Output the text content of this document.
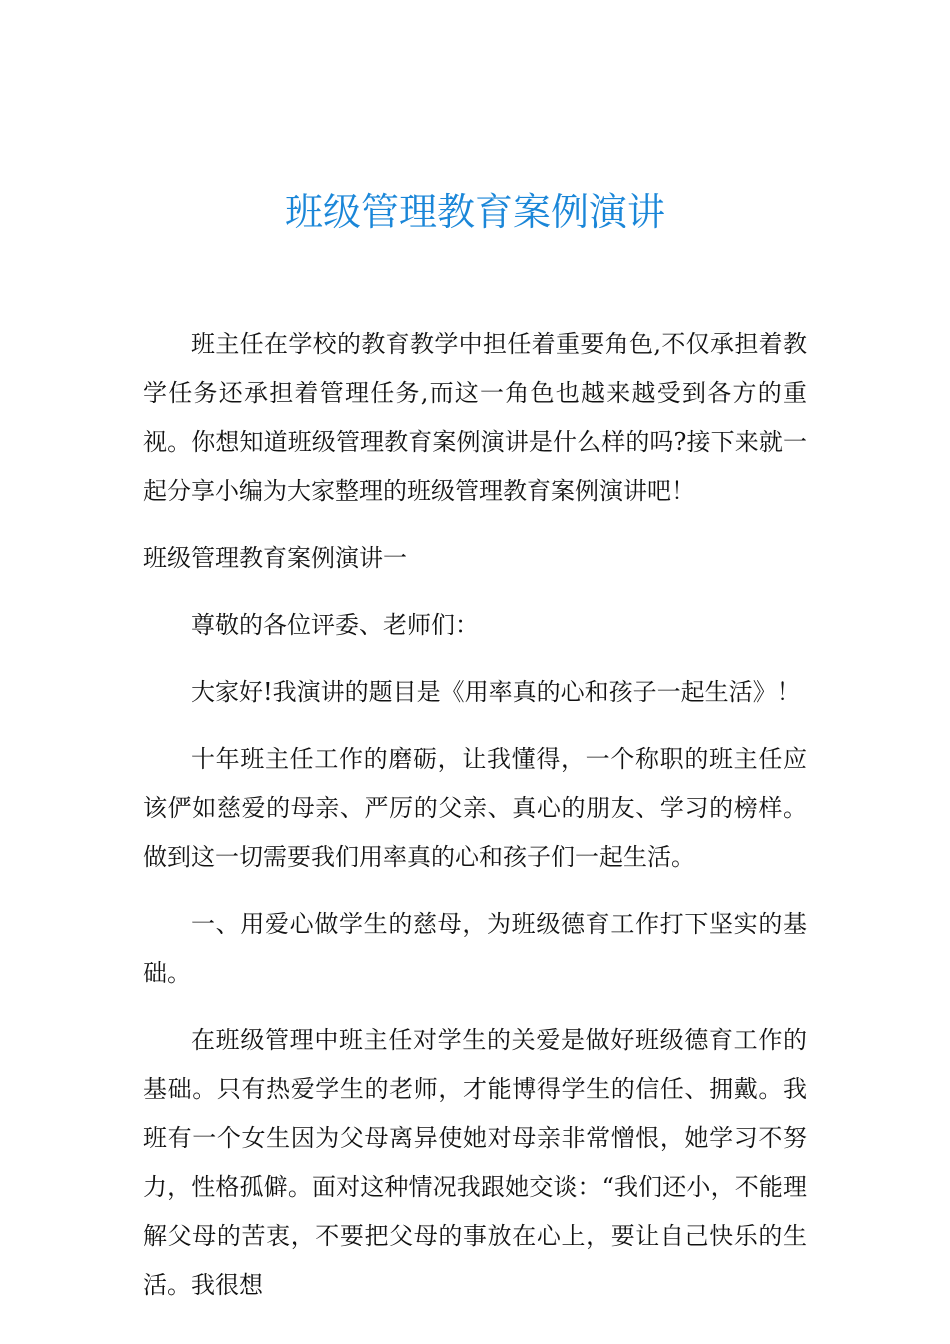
班级管理教育案例演讲

班主任在学校的教育教学中担任着重要角色,不仅承担着教学任务还承担着管理任务,而这一角色也越来越受到各方的重视。你想知道班级管理教育案例演讲是什么样的吗?接下来就一起分享小编为大家整理的班级管理教育案例演讲吧！

班级管理教育案例演讲一

尊敬的各位评委、老师们：

大家好!我演讲的题目是《用率真的心和孩子一起生活》！

十年班主任工作的磨砺，让我懂得，一个称职的班主任应该俨如慈爱的母亲、严厉的父亲、真心的朋友、学习的榜样。做到这一切需要我们用率真的心和孩子们一起生活。

一、用爱心做学生的慈母，为班级德育工作打下坚实的基础。

在班级管理中班主任对学生的关爱是做好班级德育工作的基础。只有热爱学生的老师，才能博得学生的信任、拥戴。我班有一个女生因为父母离异使她对母亲非常憎恨，她学习不努力，性格孤僻。面对这种情况我跟她交谈：“我们还小，不能理解父母的苦衷，不要把父母的事放在心上，要让自己快乐的生活。我很想
